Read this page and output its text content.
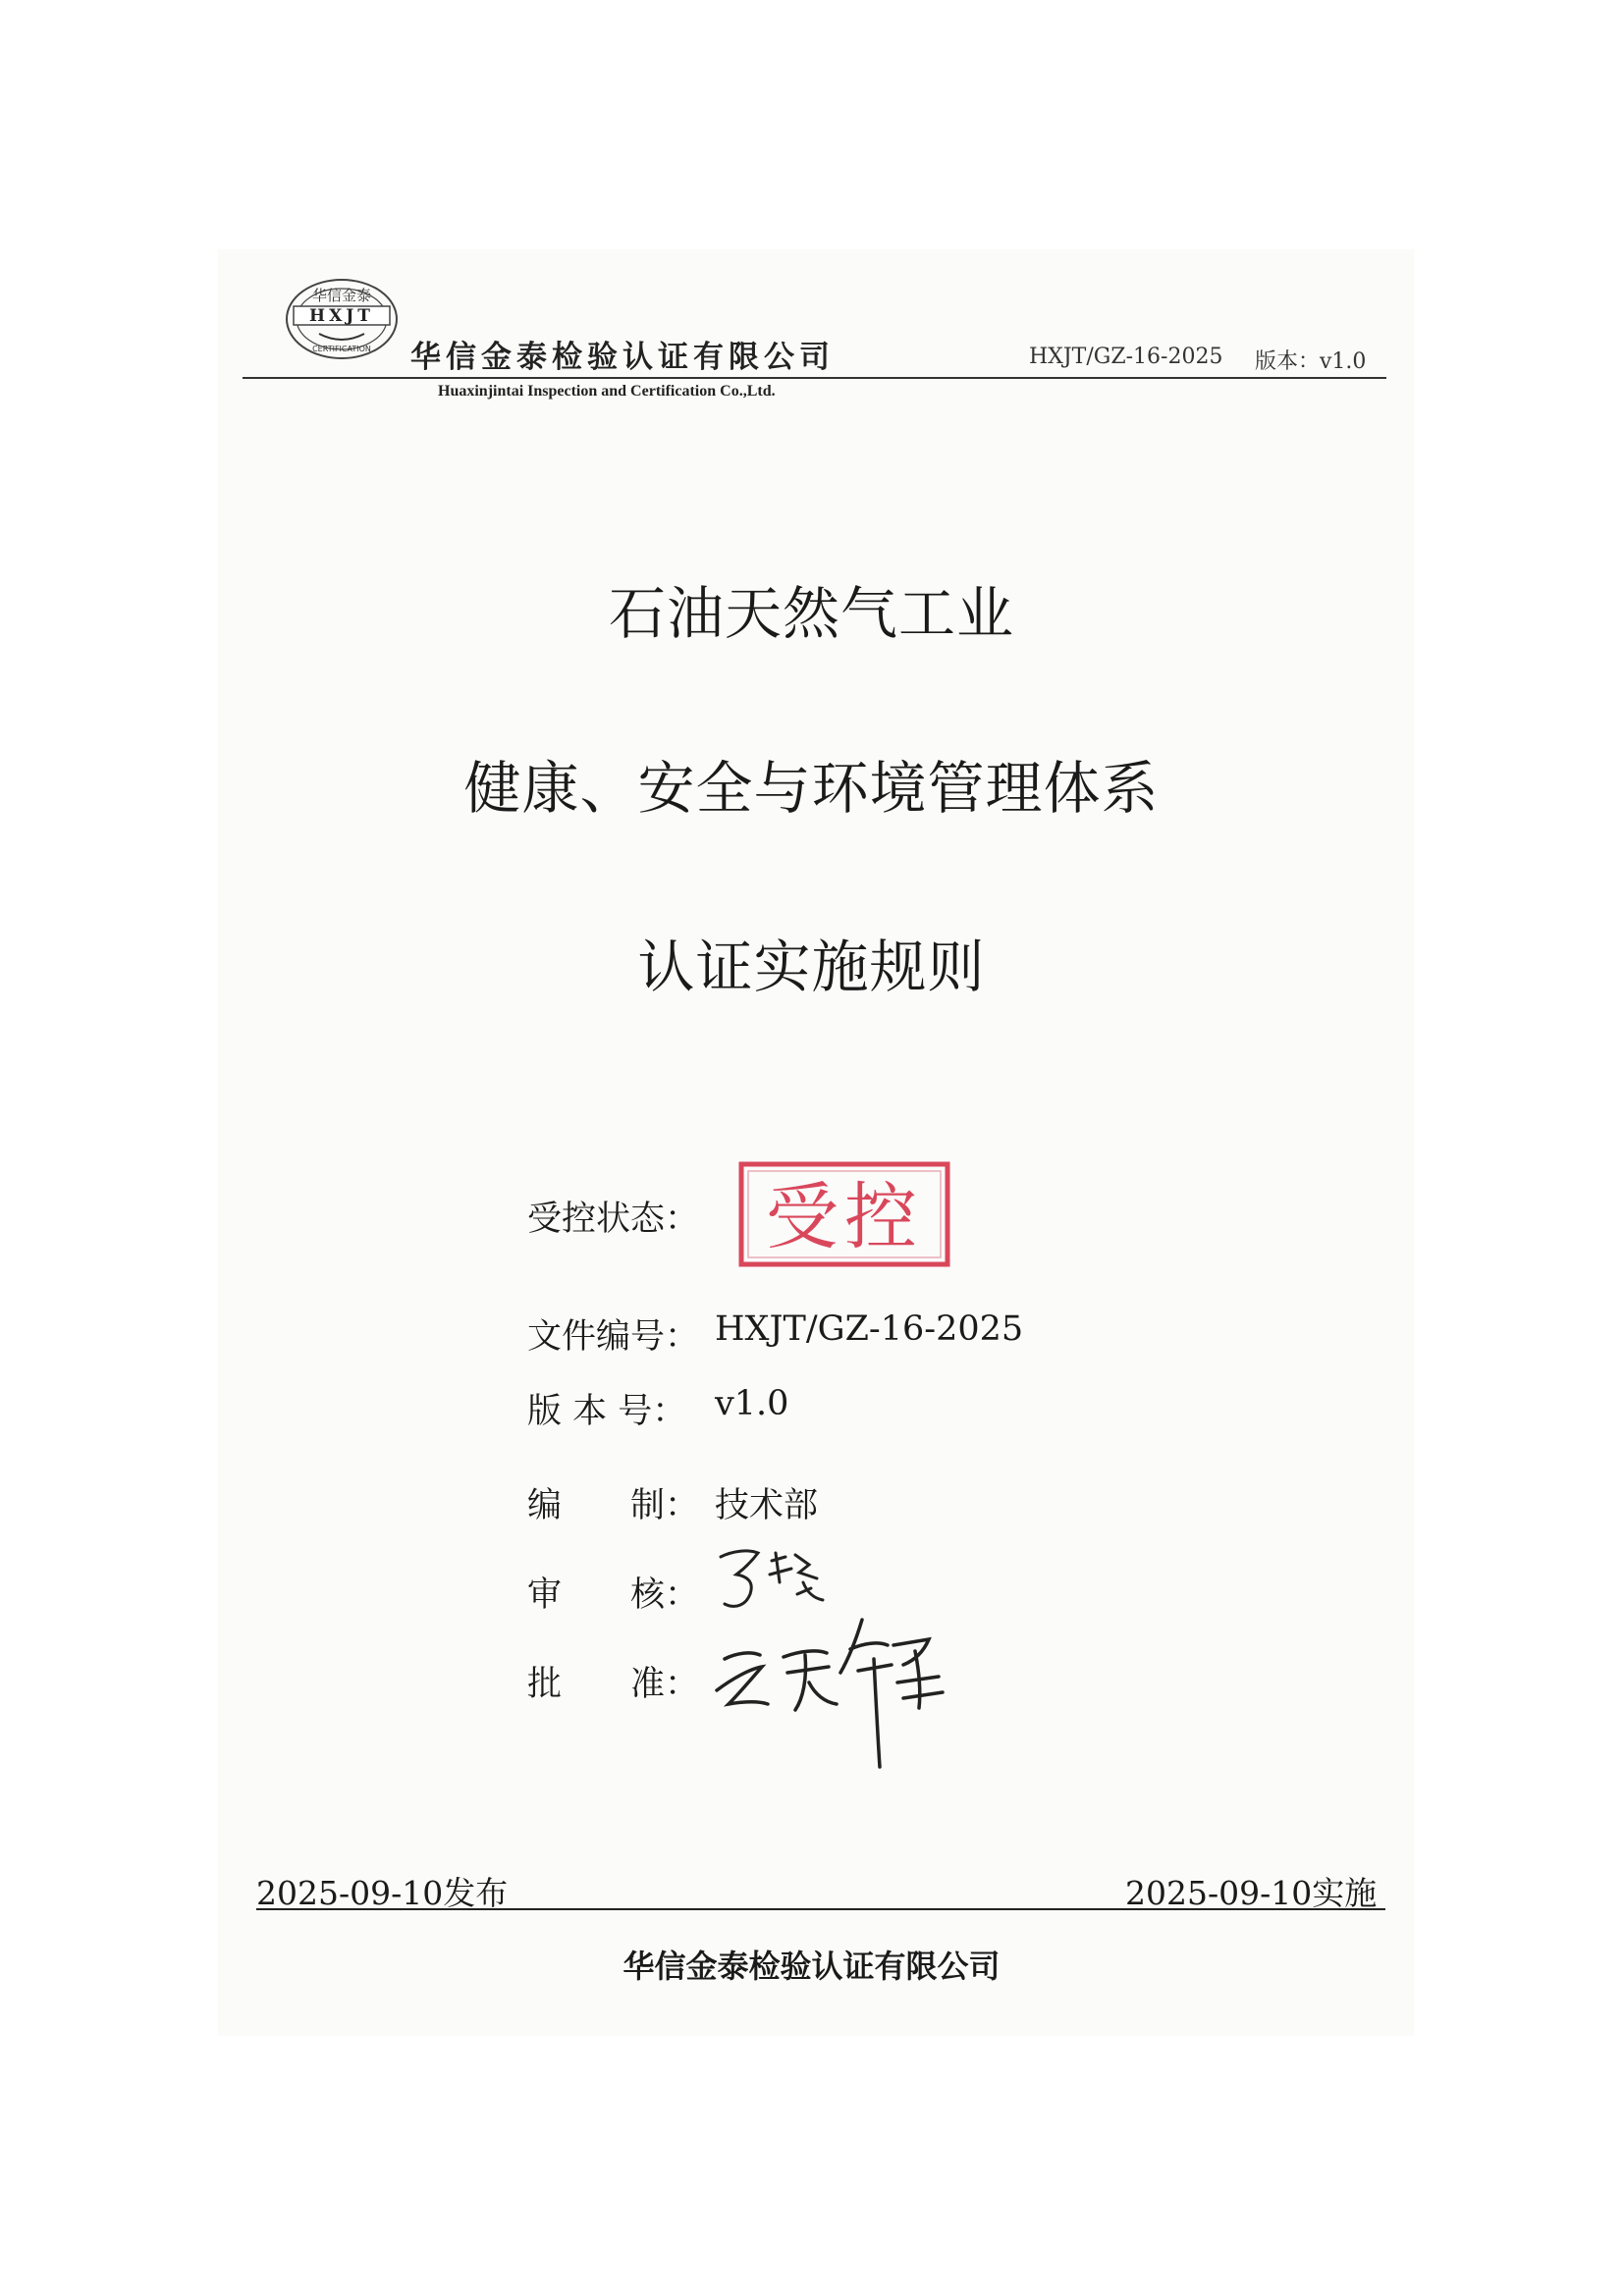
华信金泰
HXJT
CERTIFICATION 华信金泰检验认证有限公司
Huaxinjintai Inspection and Certification Co.,Ltd.
HXJT/GZ-16-2025 版本：v1.0
石油天然气工业
健康、安全与环境管理体系
认证实施规则
受控状态： 受控
文件编号： HXJT/GZ-16-2025
版 本 号： v1.0
编　　制： 技术部
审　　核：
批　　准：
2025-09-10发布	2025-09-10实施
华信金泰检验认证有限公司
